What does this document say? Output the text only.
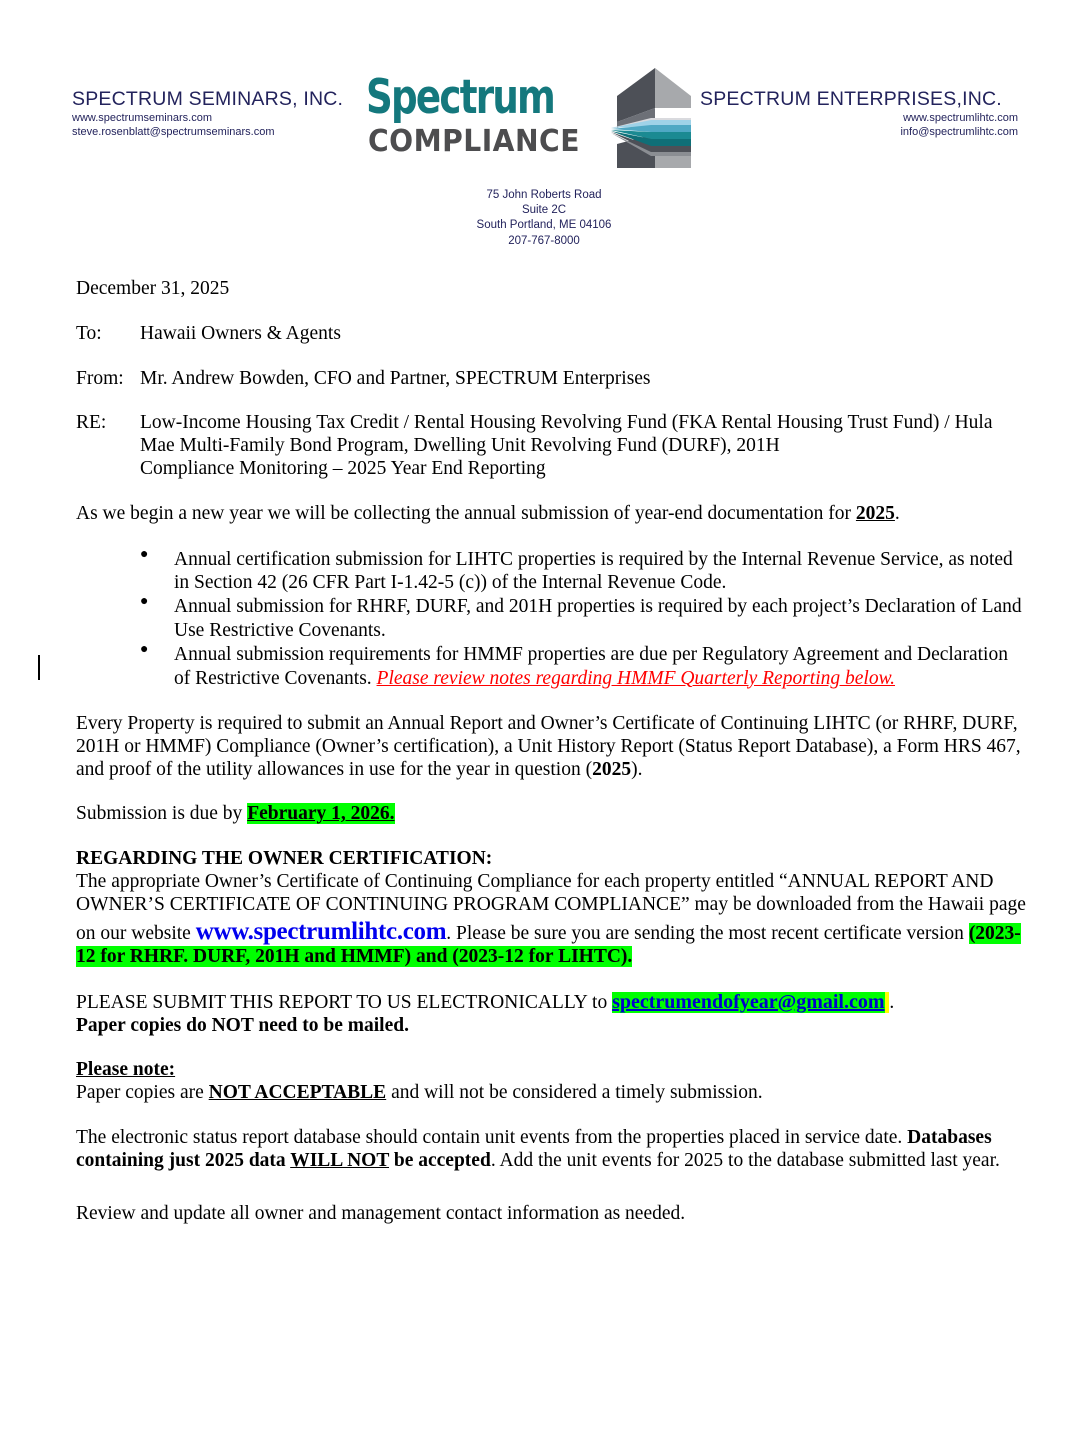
SPECTRUM SEMINARS, INC.
www.spectrumseminars.com
steve.rosenblatt@spectrumseminars.com
Spectrum
COMPLIANCE
SPECTRUM ENTERPRISES,INC.
www.spectrumlihtc.com
info@spectrumlihtc.com
75 John Roberts Road
Suite 2C
South Portland, ME 04106
207-767-8000
December 31, 2025
To:	Hawaii Owners & Agents
From: Mr. Andrew Bowden, CFO and Partner, SPECTRUM Enterprises
RE:	Low-Income Housing Tax Credit / Rental Housing Revolving Fund (FKA Rental Housing Trust Fund) / Hula
Mae Multi-Family Bond Program, Dwelling Unit Revolving Fund (DURF), 201H
Compliance Monitoring – 2025 Year End Reporting
As we begin a new year we will be collecting the annual submission of year-end documentation for 2025.
● Annual certification submission for LIHTC properties is required by the Internal Revenue Service, as noted in Section 42 (26 CFR Part I-1.42-5 (c)) of the Internal Revenue Code.
● Annual submission for RHRF, DURF, and 201H properties is required by each project’s Declaration of Land Use Restrictive Covenants.
● Annual submission requirements for HMMF properties are due per Regulatory Agreement and Declaration of Restrictive Covenants. Please review notes regarding HMMF Quarterly Reporting below.
Every Property is required to submit an Annual Report and Owner’s Certificate of Continuing LIHTC (or RHRF, DURF, 201H or HMMF) Compliance (Owner’s certification), a Unit History Report (Status Report Database), a Form HRS 467, and proof of the utility allowances in use for the year in question (2025).
Submission is due by February 1, 2026.
REGARDING THE OWNER CERTIFICATION:
The appropriate Owner’s Certificate of Continuing Compliance for each property entitled “ANNUAL REPORT AND OWNER’S CERTIFICATE OF CONTINUING PROGRAM COMPLIANCE” may be downloaded from the Hawaii page on our website www.spectrumlihtc.com. Please be sure you are sending the most recent certificate version (2023-12 for RHRF. DURF, 201H and HMMF) and (2023-12 for LIHTC).
PLEASE SUBMIT THIS REPORT TO US ELECTRONICALLY to spectrumendofyear@gmail.com .
Paper copies do NOT need to be mailed.
Please note:
Paper copies are NOT ACCEPTABLE and will not be considered a timely submission.
The electronic status report database should contain unit events from the properties placed in service date. Databases containing just 2025 data WILL NOT be accepted. Add the unit events for 2025 to the database submitted last year.
Review and update all owner and management contact information as needed.
